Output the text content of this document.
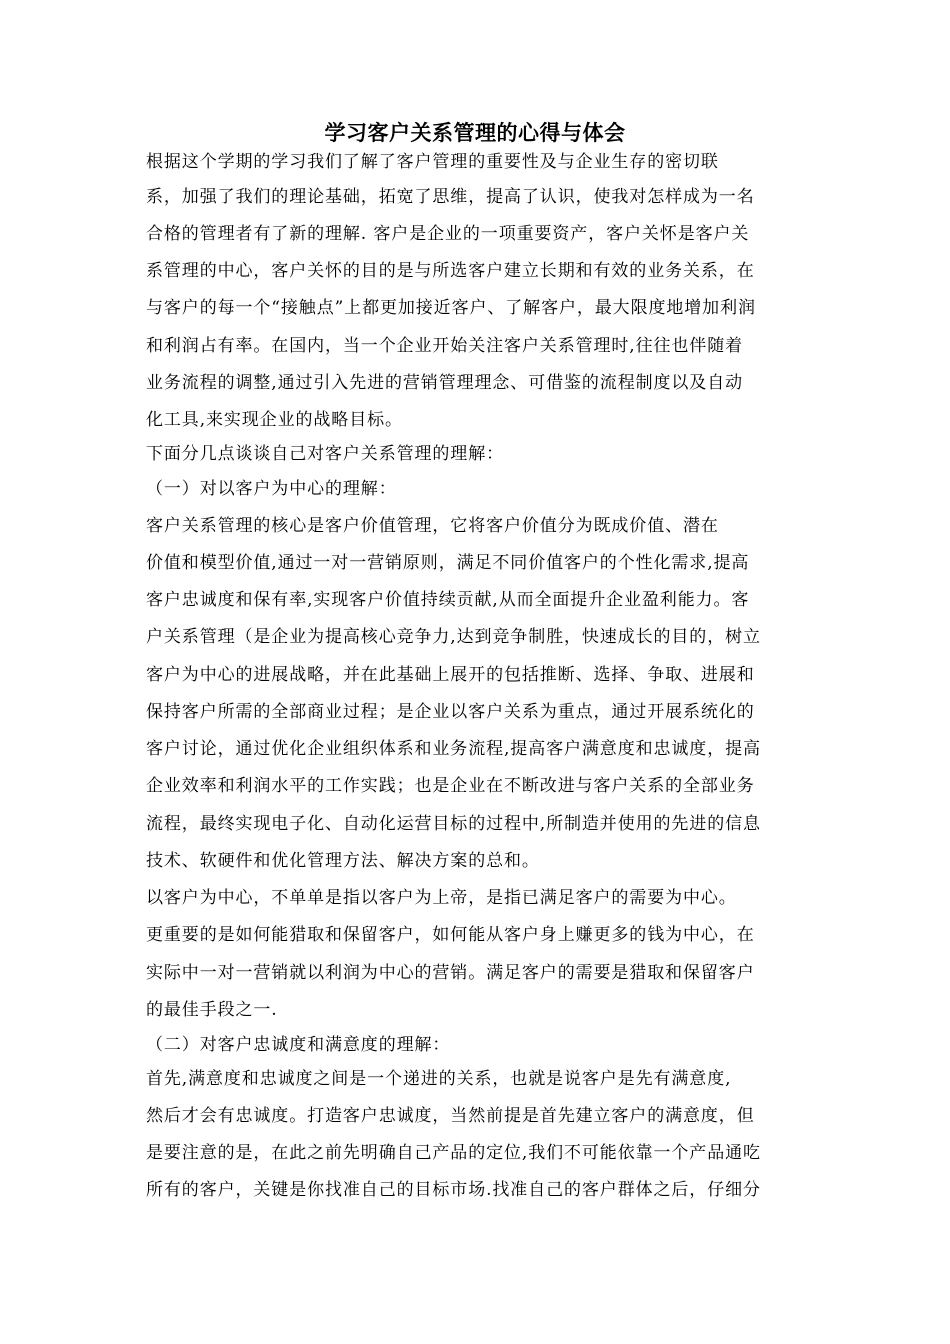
学习客户关系管理的心得与体会
根据这个学期的学习我们了解了客户管理的重要性及与企业生存的密切联
系，加强了我们的理论基础，拓宽了思维，提高了认识，使我对怎样成为一名
合格的管理者有了新的理解. 客户是企业的一项重要资产，客户关怀是客户关
系管理的中心，客户关怀的目的是与所选客户建立长期和有效的业务关系，在
与客户的每一个“接触点”上都更加接近客户、了解客户，最大限度地增加利润
和利润占有率。在国内，当一个企业开始关注客户关系管理时,往往也伴随着
业务流程的调整,通过引入先进的营销管理理念、可借鉴的流程制度以及自动
化工具,来实现企业的战略目标。
下面分几点谈谈自己对客户关系管理的理解：
（一）对以客户为中心的理解：
客户关系管理的核心是客户价值管理，它将客户价值分为既成价值、潜在
价值和模型价值,通过一对一营销原则，满足不同价值客户的个性化需求,提高
客户忠诚度和保有率,实现客户价值持续贡献,从而全面提升企业盈利能力。客
户关系管理（是企业为提高核心竞争力,达到竞争制胜，快速成长的目的，树立
客户为中心的进展战略，并在此基础上展开的包括推断、选择、争取、进展和
保持客户所需的全部商业过程；是企业以客户关系为重点，通过开展系统化的
客户讨论，通过优化企业组织体系和业务流程,提高客户满意度和忠诚度，提高
企业效率和利润水平的工作实践；也是企业在不断改进与客户关系的全部业务
流程，最终实现电子化、自动化运营目标的过程中,所制造并使用的先进的信息
技术、软硬件和优化管理方法、解决方案的总和。
以客户为中心，不单单是指以客户为上帝，是指已满足客户的需要为中心。
更重要的是如何能猎取和保留客户，如何能从客户身上赚更多的钱为中心，在
实际中一对一营销就以利润为中心的营销。满足客户的需要是猎取和保留客户
的最佳手段之一.
（二）对客户忠诚度和满意度的理解：
首先,满意度和忠诚度之间是一个递进的关系，也就是说客户是先有满意度,
然后才会有忠诚度。打造客户忠诚度，当然前提是首先建立客户的满意度，但
是要注意的是，在此之前先明确自己产品的定位,我们不可能依靠一个产品通吃
所有的客户，关键是你找准自己的目标市场.找准自己的客户群体之后，仔细分
